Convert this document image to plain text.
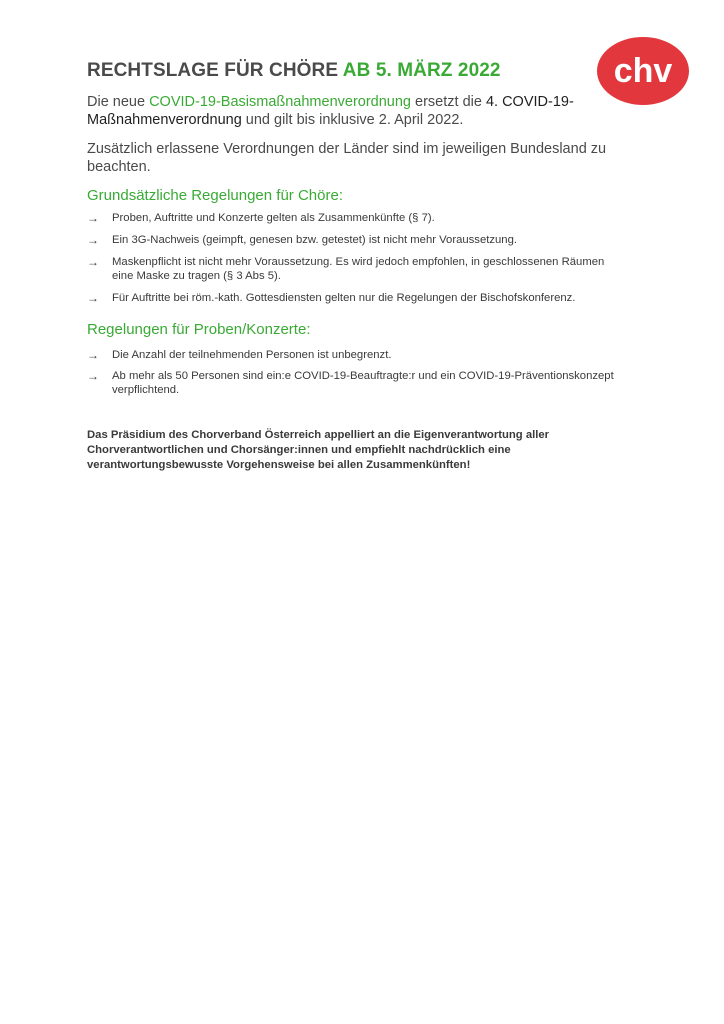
chv
RECHTSLAGE FÜR CHÖRE AB 5. MÄRZ 2022

Die neue COVID-19-Basismaßnahmenverordnung ersetzt die 4. COVID-19-Maßnahmenverordnung und gilt bis inklusive 2. April 2022.

Zusätzlich erlassene Verordnungen der Länder sind im jeweiligen Bundesland zu beachten.

Grundsätzliche Regelungen für Chöre:
→ Proben, Auftritte und Konzerte gelten als Zusammenkünfte (§ 7).
→ Ein 3G-Nachweis (geimpft, genesen bzw. getestet) ist nicht mehr Voraussetzung.
→ Maskenpflicht ist nicht mehr Voraussetzung. Es wird jedoch empfohlen, in geschlossenen Räumen eine Maske zu tragen (§ 3 Abs 5).
→ Für Auftritte bei röm.-kath. Gottesdiensten gelten nur die Regelungen der Bischofskonferenz.
Regelungen für Proben/Konzerte:
→ Die Anzahl der teilnehmenden Personen ist unbegrenzt.
→ Ab mehr als 50 Personen sind ein:e COVID-19-Beauftragte:r und ein COVID-19-Präventionskonzept verpflichtend.

Das Präsidium des Chorverband Österreich appelliert an die Eigenverantwortung aller Chorverantwortlichen und Chorsänger:innen und empfiehlt nachdrücklich eine verantwortungsbewusste Vorgehensweise bei allen Zusammenkünften!
